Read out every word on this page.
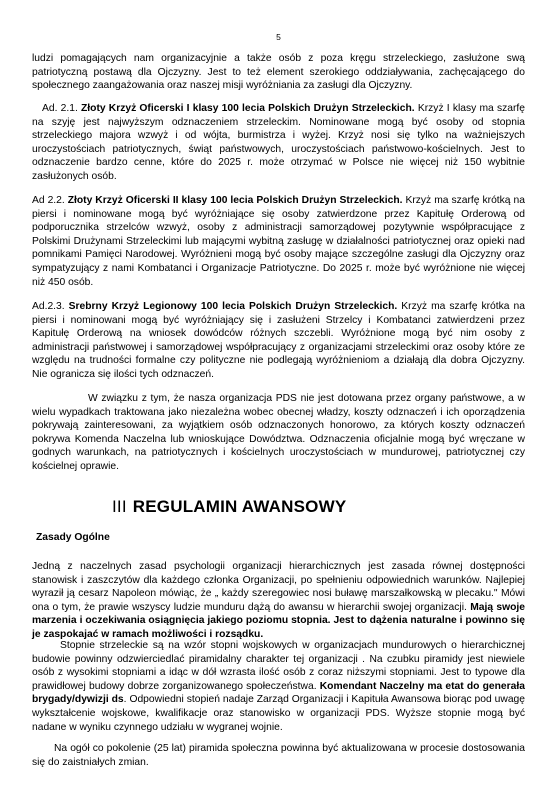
5
ludzi pomagających nam organizacyjnie a także osób z poza kręgu strzeleckiego, zasłużone swą patriotyczną postawą dla Ojczyzny. Jest to też element szerokiego oddziaływania, zachęcającego do społecznego zaangażowania oraz naszej misji wyróżniania za zasługi dla Ojczyzny.
Ad. 2.1. Złoty Krzyż Oficerski I klasy 100 lecia Polskich Drużyn Strzeleckich. Krzyż I klasy ma szarfę na szyję jest najwyższym odznaczeniem strzeleckim. Nominowane mogą być osoby od stopnia strzeleckiego majora wzwyż i od wójta, burmistrza i wyżej. Krzyż nosi się tylko na ważniejszych uroczystościach patriotycznych, świąt państwowych, uroczystościach państwowo-kościelnych. Jest to odznaczenie bardzo cenne, które do 2025 r. może otrzymać w Polsce nie więcej niż 150 wybitnie zasłużonych osób.
Ad 2.2. Złoty Krzyż Oficerski II klasy 100 lecia Polskich Drużyn Strzeleckich. Krzyż ma szarfę krótką na piersi i nominowane mogą być wyróżniające się osoby zatwierdzone przez Kapitułę Orderową od podporucznika strzelców wzwyż, osoby z administracji samorządowej pozytywnie współpracujące z Polskimi Drużynami Strzeleckimi lub mającymi wybitną zasługę w działalności patriotycznej oraz opieki nad pomnikami Pamięci Narodowej. Wyróżnieni mogą być osoby mające szczególne zasługi dla Ojczyzny oraz sympatyzujący z nami Kombatanci i Organizacje Patriotyczne. Do 2025 r. może być wyróżnione nie więcej niż 450 osób.
Ad.2.3. Srebrny Krzyż Legionowy 100 lecia Polskich Drużyn Strzeleckich. Krzyż ma szarfę krótka na piersi i nominowani mogą być wyróżniający się i zasłużeni Strzelcy i Kombatanci zatwierdzeni przez Kapitułę Orderową na wniosek dowódców różnych szczebli. Wyróżnione mogą być nim osoby z administracji państwowej i samorządowej współpracujący z organizacjami strzeleckimi oraz osoby które ze względu na trudności formalne czy polityczne nie podlegają wyróżnieniom a działają dla dobra Ojczyzny. Nie ogranicza się ilości tych odznaczeń.
W związku z tym, że nasza organizacja PDS nie jest dotowana przez organy państwowe, a w wielu wypadkach traktowana jako niezależna wobec obecnej władzy, koszty odznaczeń i ich oporządzenia pokrywają zainteresowani, za wyjątkiem osób odznaczonych honorowo, za których koszty odznaczeń pokrywa Komenda Naczelna lub wnioskujące Dowództwa. Odznaczenia oficjalnie mogą być wręczane w godnych warunkach, na patriotycznych i kościelnych uroczystościach w mundurowej, patriotycznej czy kościelnej oprawie.
III REGULAMIN AWANSOWY
Zasady Ogólne
Jedną z naczelnych zasad psychologii organizacji hierarchicznych jest zasada równej dostępności stanowisk i zaszczytów dla każdego członka Organizacji, po spełnieniu odpowiednich warunków. Najlepiej wyraził ją cesarz Napoleon mówiąc, że „ każdy szeregowiec nosi buławę marszałkowską w plecaku." Mówi ona o tym, że prawie wszyscy ludzie munduru dążą do awansu w hierarchii swojej organizacji. Mają swoje marzenia i oczekiwania osiągnięcia jakiego poziomu stopnia. Jest to dążenia naturalne i powinno się je zaspokajać w ramach możliwości i rozsądku.
Stopnie strzeleckie są na wzór stopni wojskowych w organizacjach mundurowych o hierarchicznej budowie powinny odzwierciedlać piramidalny charakter tej organizacji . Na czubku piramidy jest niewiele osób z wysokimi stopniami a idąc w dół wzrasta ilość osób z coraz niższymi stopniami. Jest to typowe dla prawidłowej budowy dobrze zorganizowanego społeczeństwa. Komendant Naczelny ma etat do generała brygady/dywizji ds. Odpowiedni stopień nadaje Zarząd Organizacji i Kapituła Awansowa biorąc pod uwagę wykształcenie wojskowe, kwalifikacje oraz stanowisko w organizacji PDS. Wyższe stopnie mogą być nadane w wyniku czynnego udziału w wygranej wojnie.
Na ogół co pokolenie (25 lat) piramida społeczna powinna być aktualizowana w procesie dostosowania się do zaistniałych zmian.
